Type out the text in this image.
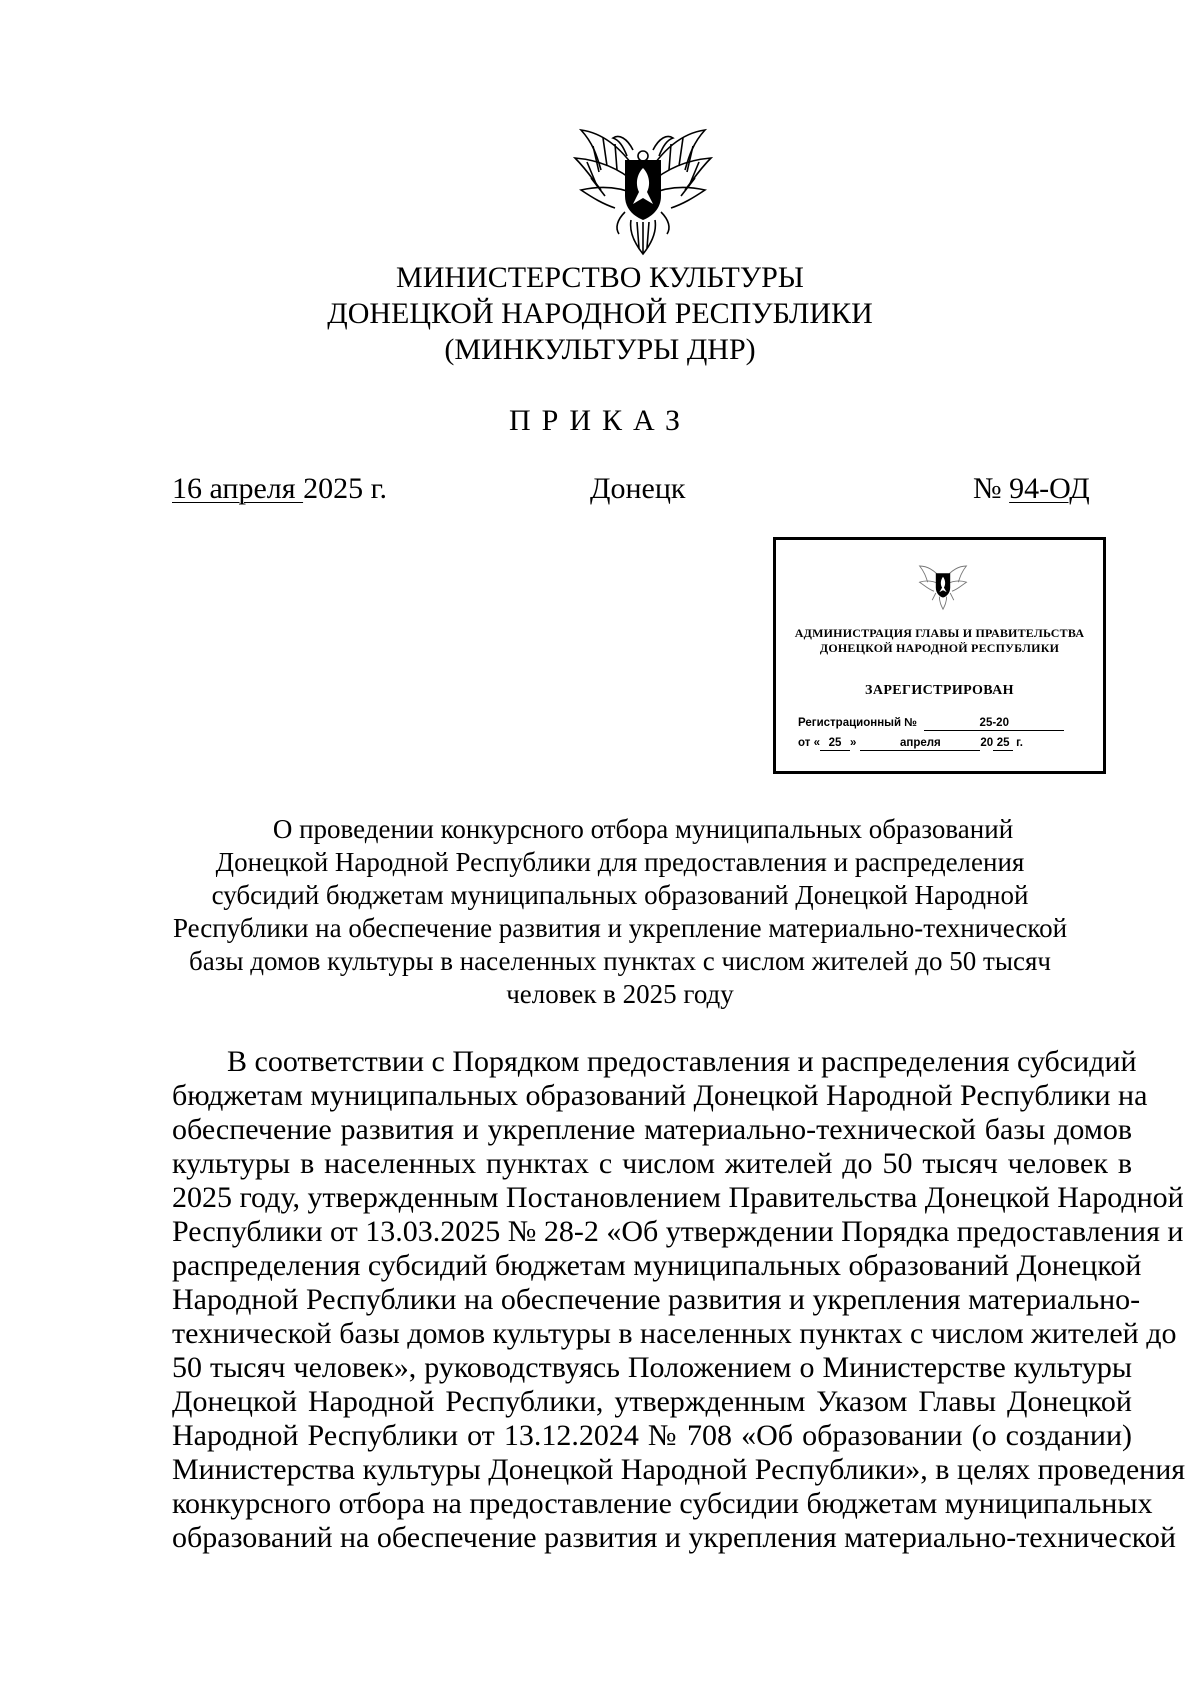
МИНИСТЕРСТВО КУЛЬТУРЫ
ДОНЕЦКОЙ НАРОДНОЙ РЕСПУБЛИКИ
(МИНКУЛЬТУРЫ ДНР)
ПРИКАЗ
16 апреля 2025 г.	Донецк	№ 94-ОД
АДМИНИСТРАЦИЯ ГЛАВЫ И ПРАВИТЕЛЬСТВА
ДОНЕЦКОЙ НАРОДНОЙ РЕСПУБЛИКИ
ЗАРЕГИСТРИРОВАН
Регистрационный №	25-20
от « 25 »	апреля	20 25 г.
О проведении конкурсного отбора муниципальных образований
Донецкой Народной Республики для предоставления и распределения
субсидий бюджетам муниципальных образований Донецкой Народной
Республики на обеспечение развития и укрепление материально-технической
базы домов культуры в населенных пунктах с числом жителей до 50 тысяч
человек в 2025 году
В соответствии с Порядком предоставления и распределения субсидий
бюджетам муниципальных образований Донецкой Народной Республики на
обеспечение развития и укрепление материально-технической базы домов
культуры в населенных пунктах с числом жителей до 50 тысяч человек в
2025 году, утвержденным Постановлением Правительства Донецкой Народной
Республики от 13.03.2025 № 28-2 «Об утверждении Порядка предоставления и
распределения субсидий бюджетам муниципальных образований Донецкой
Народной Республики на обеспечение развития и укрепления материально-
технической базы домов культуры в населенных пунктах с числом жителей до
50 тысяч человек», руководствуясь Положением о Министерстве культуры
Донецкой Народной Республики, утвержденным Указом Главы Донецкой
Народной Республики от 13.12.2024 № 708 «Об образовании (о создании)
Министерства культуры Донецкой Народной Республики», в целях проведения
конкурсного отбора на предоставление субсидии бюджетам муниципальных
образований на обеспечение развития и укрепления материально-технической
